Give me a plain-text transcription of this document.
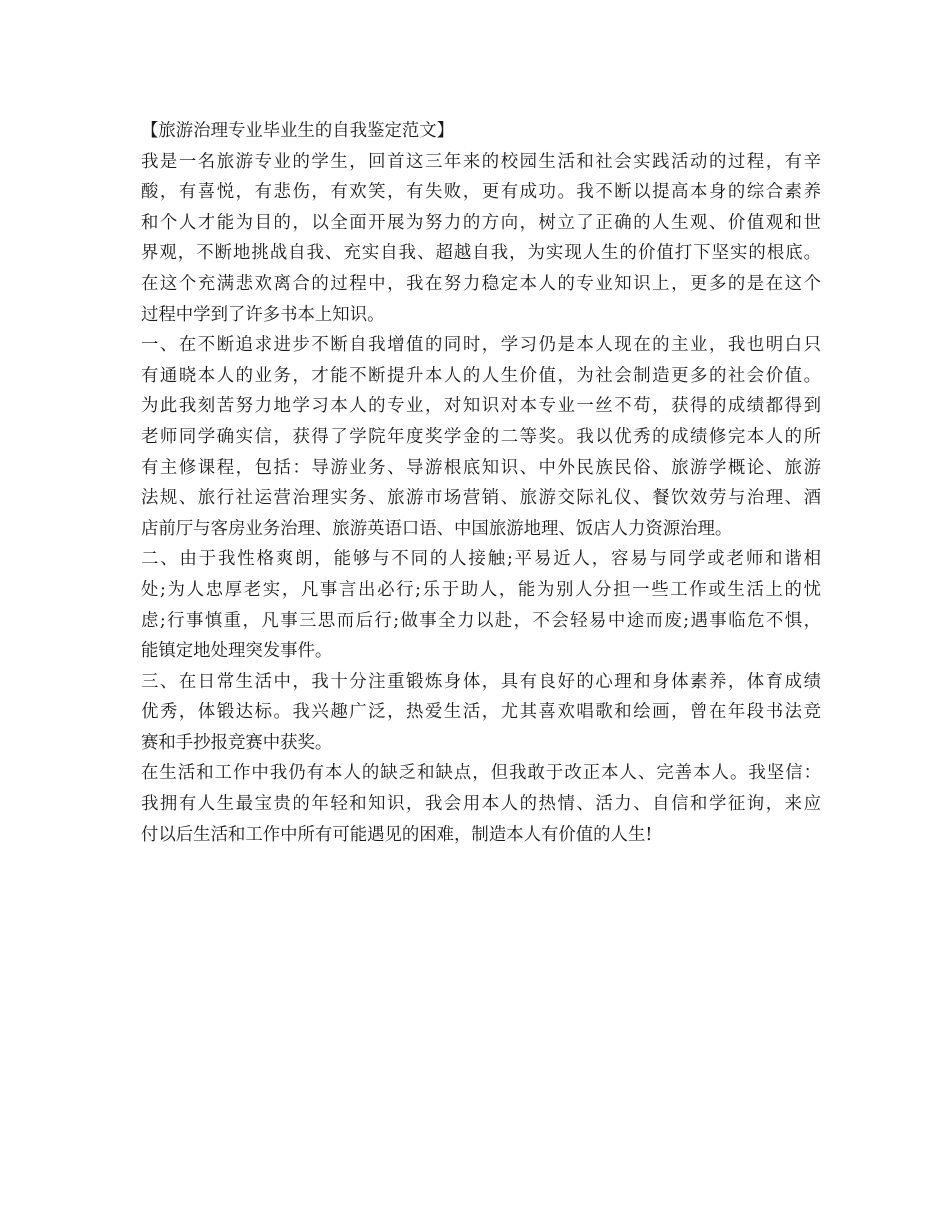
【旅游治理专业毕业生的自我鉴定范文】
我是一名旅游专业的学生，回首这三年来的校园生活和社会实践活动的过程，有辛
酸，有喜悦，有悲伤，有欢笑，有失败，更有成功。我不断以提高本身的综合素养
和个人才能为目的，以全面开展为努力的方向，树立了正确的人生观、价值观和世
界观，不断地挑战自我、充实自我、超越自我，为实现人生的价值打下坚实的根底。
在这个充满悲欢离合的过程中，我在努力稳定本人的专业知识上，更多的是在这个
过程中学到了许多书本上知识。
一、在不断追求进步不断自我增值的同时，学习仍是本人现在的主业，我也明白只
有通晓本人的业务，才能不断提升本人的人生价值，为社会制造更多的社会价值。
为此我刻苦努力地学习本人的专业，对知识对本专业一丝不苟，获得的成绩都得到
老师同学确实信，获得了学院年度奖学金的二等奖。我以优秀的成绩修完本人的所
有主修课程，包括：导游业务、导游根底知识、中外民族民俗、旅游学概论、旅游
法规、旅行社运营治理实务、旅游市场营销、旅游交际礼仪、餐饮效劳与治理、酒
店前厅与客房业务治理、旅游英语口语、中国旅游地理、饭店人力资源治理。
二、由于我性格爽朗，能够与不同的人接触;平易近人，容易与同学或老师和谐相
处;为人忠厚老实，凡事言出必行;乐于助人，能为别人分担一些工作或生活上的忧
虑;行事慎重，凡事三思而后行;做事全力以赴，不会轻易中途而废;遇事临危不惧，
能镇定地处理突发事件。
三、在日常生活中，我十分注重锻炼身体，具有良好的心理和身体素养，体育成绩
优秀，体锻达标。我兴趣广泛，热爱生活，尤其喜欢唱歌和绘画，曾在年段书法竞
赛和手抄报竞赛中获奖。
在生活和工作中我仍有本人的缺乏和缺点，但我敢于改正本人、完善本人。我坚信：
我拥有人生最宝贵的年轻和知识，我会用本人的热情、活力、自信和学征询，来应
付以后生活和工作中所有可能遇见的困难，制造本人有价值的人生!
